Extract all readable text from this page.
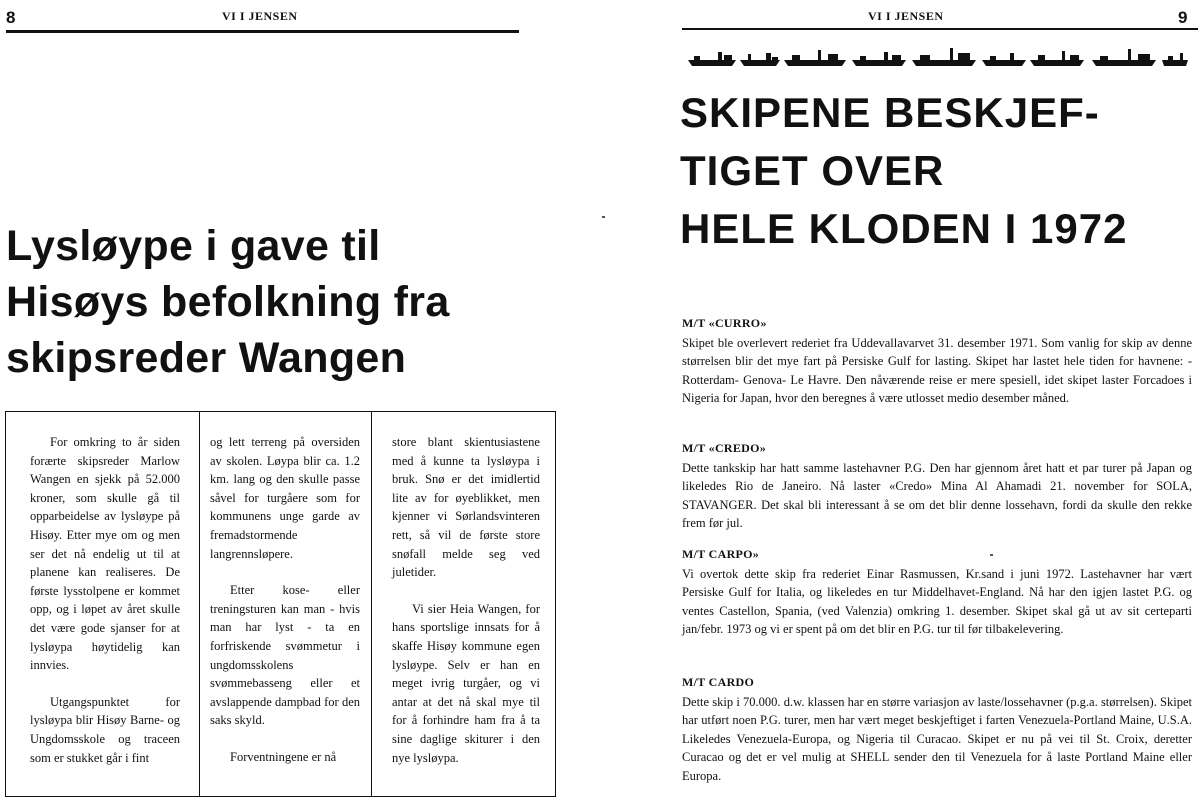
8	VI I JENSEN
Lysløype i gave til
Hisøys befolkning fra
skipsreder Wangen

For omkring to år siden forærte skipsreder Marlow Wangen en sjekk på 52.000 kroner, som skulle gå til opparbeidelse av lysløype på Hisøy. Etter mye om og men ser det nå endelig ut til at planene kan realiseres. De første lysstolpene er kommet opp, og i løpet av året skulle det være gode sjanser for at lysløypa høytidelig kan innvies.

Utgangspunktet for lysløypa blir Hisøy Barne- og Ungdomsskole og traceen som er stukket går i fint

og lett terreng på oversiden av skolen. Løypa blir ca. 1.2 km. lang og den skulle passe såvel for turgåere som for kommunens unge garde av fremadstormende langrennsløpere.

Etter kose- eller treningsturen kan man - hvis man har lyst - ta en forfriskende svømmetur i ungdomsskolens svømmebasseng eller et avslappende dampbad for den saks skyld.

Forventningene er nå

store blant skientusiastene med å kunne ta lysløypa i bruk. Snø er det imidlertid lite av for øyeblikket, men kjenner vi Sørlandsvinteren rett, så vil de første store snøfall melde seg ved juletider.

Vi sier Heia Wangen, for hans sportslige innsats for å skaffe Hisøy kommune egen lysløype. Selv er han en meget ivrig turgåer, og vi antar at det nå skal mye til for å forhindre ham fra å ta sine daglige skiturer i den nye lysløypa.

VI I JENSEN	9
SKIPENE BESKJEF-
TIGET OVER
HELE KLODEN I 1972
M/T «CURRO»

Skipet ble overlevert rederiet fra Uddevallavarvet 31. desember 1971. Som vanlig for skip av denne størrelsen blir det mye fart på Persiske Gulf for lasting. Skipet har lastet hele tiden for havnene: -Rotterdam- Genova- Le Havre. Den nåværende reise er mere spesiell, idet skipet laster Forcadoes i Nigeria for Japan, hvor den beregnes å være utlosset medio desember måned.

M/T «CREDO»

Dette tankskip har hatt samme lastehavner P.G. Den har gjennom året hatt et par turer på Japan og likeledes Rio de Janeiro. Nå laster «Credo» Mina Al Ahamadi 21. november for SOLA, STAVANGER. Det skal bli interessant å se om det blir denne lossehavn, fordi da skulle den rekke frem før jul.

M/T CARPO»

Vi overtok dette skip fra rederiet Einar Rasmussen, Kr.sand i juni 1972. Lastehavner har vært Persiske Gulf for Italia, og likeledes en tur Middelhavet-England. Nå har den igjen lastet P.G. og ventes Castellon, Spania, (ved Valenzia) omkring 1. desember. Skipet skal gå ut av sit certeparti jan/febr. 1973 og vi er spent på om det blir en P.G. tur til før tilbakelevering.

M/T CARDO

Dette skip i 70.000. d.w. klassen har en større variasjon av laste/lossehavner (p.g.a. størrelsen). Skipet har utført noen P.G. turer, men har vært meget beskjeftiget i farten Venezuela-Portland Maine, U.S.A. Likeledes Venezuela-Europa, og Nigeria til Curacao. Skipet er nu på vei til St. Croix, deretter Curacao og det er vel mulig at SHELL sender den til Venezuela for å laste Portland Maine eller Europa.
